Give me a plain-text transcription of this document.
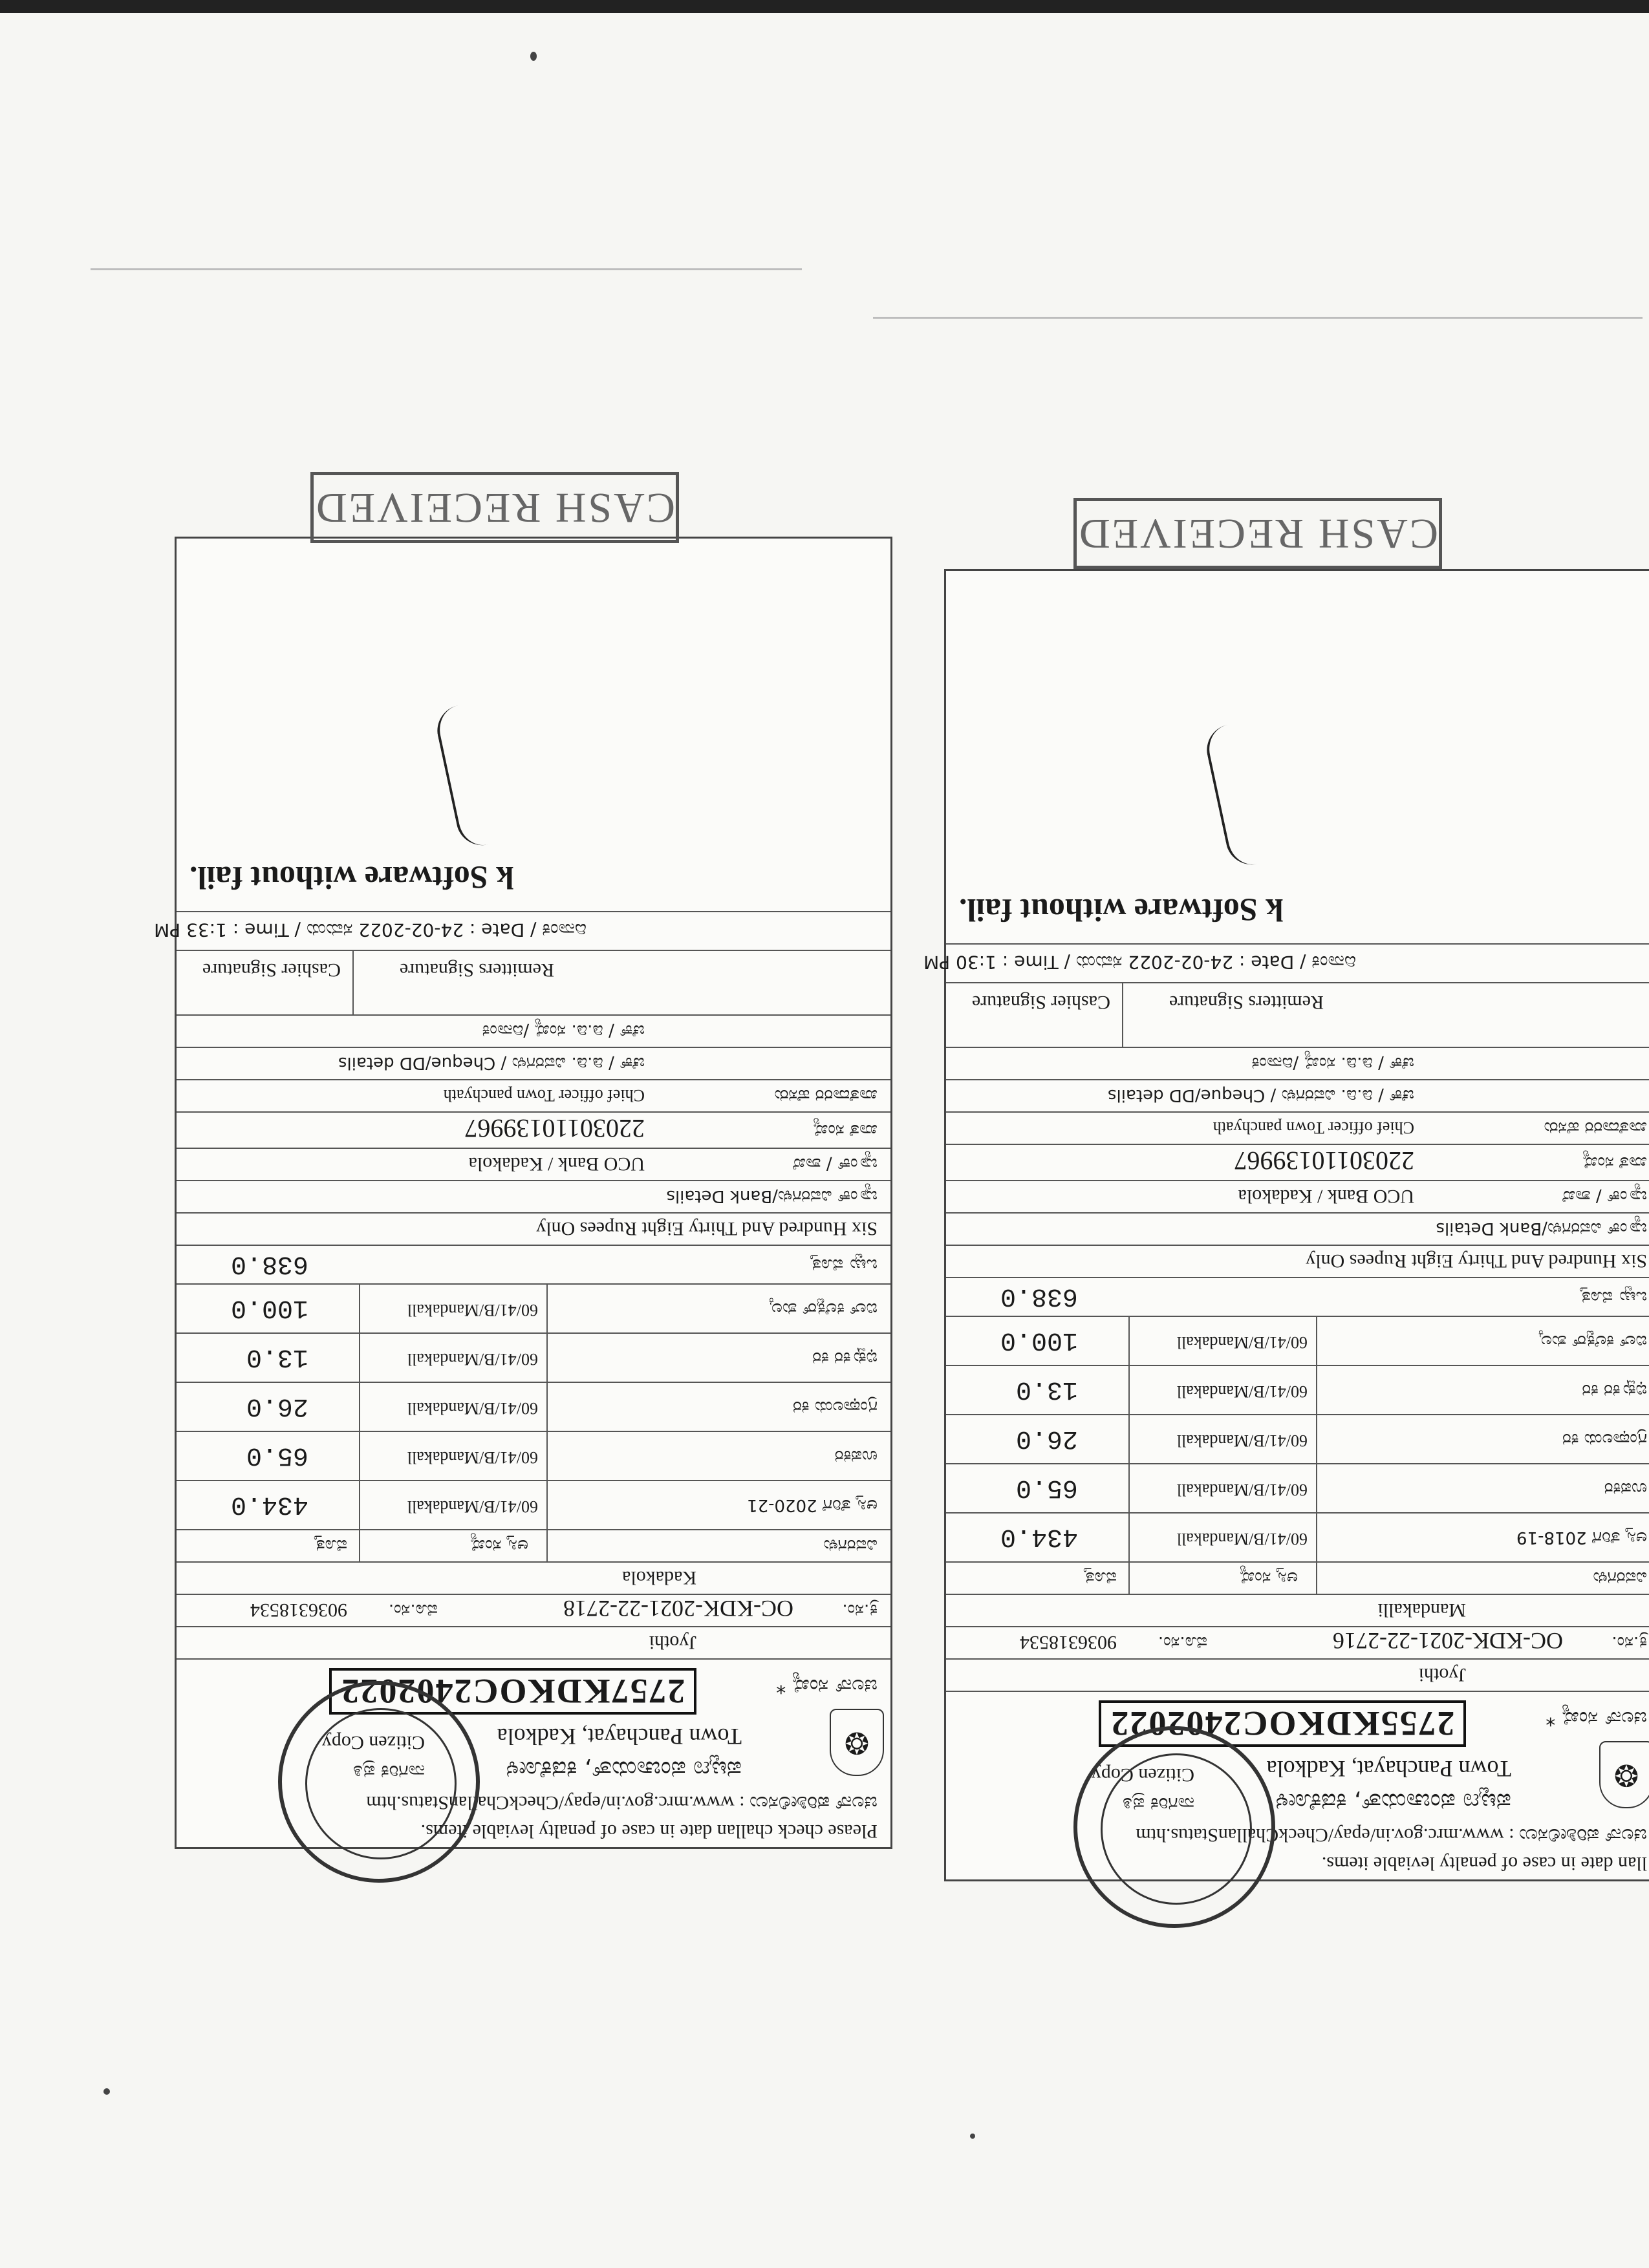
Please check challan date in case of penalty leviable items.
ಚಲನ್ ಪರಿಶೀಲಿಸಲು : www.mrc.gov.in/epay/CheckChallanStatus.htm
❂
ಪಟ್ಟಣ ಪಂಚಾಯತ್, ಕಡಕೋಳ
Town Panchayat, Kadkola
ನಾಗರಿಕ ಪ್ರತಿ
Citizen Copy
ಚಲನ್ ಸಂಖ್ಯೆ *
2757KDKOC2402022
Jyothi
ಕ್ರ.ಸಂ.
OC-KDK-2021-22-2718
ಮೊ.ಸಂ.
9036318534
Kadakola
ವಿವರಗಳು
ಆಸ್ತಿ ಸಂಖ್ಯೆ
ಮೊತ್ತ
ಆಸ್ತಿ ತೆರಿಗೆ 2020-21
60/41/B/Mandakall
434.0
ಉಪಕರ
60/41/B/Mandakall
65.0
ಗ್ರಂಥಾಲಯ ಕರ
60/41/B/Mandakall
26.0
ಭಿಕ್ಷುಕರ ಕರ
60/41/B/Mandakall
13.0
ಬಿಲ್ ಕಲೆಕ್ಟರ್ ಶುಲ್ಕ
60/41/B/Mandakall
100.0
ಒಟ್ಟು ಮೊತ್ತ
638.0
Six Hundred And Thirty Eight Rupees Only
ಬ್ಯಾಂಕ್ ವಿವರಗಳು/Bank Details
ಬ್ಯಾಂಕ್ / ಶಾಖೆ
UCO Bank / Kadakola
ಖಾತೆ ಸಂಖ್ಯೆ
22030110139967
ಖಾತೆದಾರರ ಹೆಸರು
Chief officer Town panchyath
ಚೆಕ್ / ಡಿ.ಡಿ. ವಿವರಗಳು / Cheque/DD details
ಚೆಕ್ / ಡಿ.ಡಿ. ಸಂಖ್ಯೆ /ದಿನಾಂಕ
Remitters Signature
Cashier Signature
ದಿನಾಂಕ / Date : 24-02-2022 ಸಮಯ / Time : 1:33 PM
k Software without fail.
llan date in case of penalty leviable items.
ಚಲನ್ ಪರಿಶೀಲಿಸಲು : www.mrc.gov.in/epay/CheckChallanStatus.htm
❂
ಪಟ್ಟಣ ಪಂಚಾಯತ್, ಕಡಕೋಳ
Town Panchayat, Kadkola
ನಾಗರಿಕ ಪ್ರತಿ
Citizen Copy
ಚಲನ್ ಸಂಖ್ಯೆ *
2755KDKOC2402022
Jyothi
ಕ್ರ.ಸಂ.
OC-KDK-2021-22-2716
ಮೊ.ಸಂ.
9036318534
Mandakalli
ವಿವರಗಳು
ಆಸ್ತಿ ಸಂಖ್ಯೆ
ಮೊತ್ತ
ಆಸ್ತಿ ತೆರಿಗೆ 2018-19
60/41/B/Mandakall
434.0
ಉಪಕರ
60/41/B/Mandakall
65.0
ಗ್ರಂಥಾಲಯ ಕರ
60/41/B/Mandakall
26.0
ಭಿಕ್ಷುಕರ ಕರ
60/41/B/Mandakall
13.0
ಬಿಲ್ ಕಲೆಕ್ಟರ್ ಶುಲ್ಕ
60/41/B/Mandakall
100.0
ಒಟ್ಟು ಮೊತ್ತ
638.0
Six Hundred And Thirty Eight Rupees Only
ಬ್ಯಾಂಕ್ ವಿವರಗಳು/Bank Details
ಬ್ಯಾಂಕ್ / ಶಾಖೆ
UCO Bank / Kadakola
ಖಾತೆ ಸಂಖ್ಯೆ
22030110139967
ಖಾತೆದಾರರ ಹೆಸರು
Chief officer Town panchyath
ಚೆಕ್ / ಡಿ.ಡಿ. ವಿವರಗಳು / Cheque/DD details
ಚೆಕ್ / ಡಿ.ಡಿ. ಸಂಖ್ಯೆ /ದಿನಾಂಕ
Remitters Signature
Cashier Signature
ದಿನಾಂಕ / Date : 24-02-2022 ಸಮಯ / Time : 1:30 PM
k Software without fail.
CASH RECEIVED
CASH RECEIVED
